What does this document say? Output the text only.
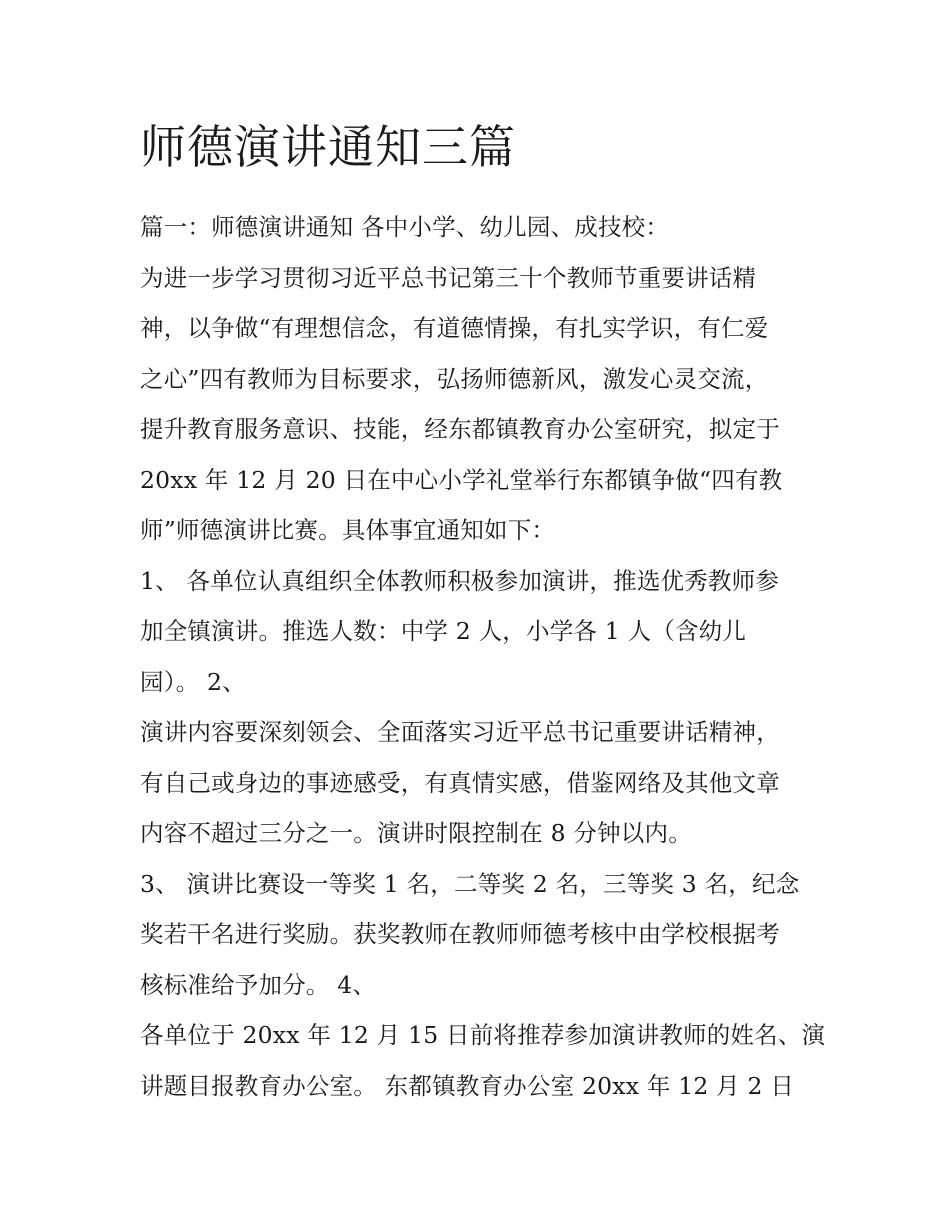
师德演讲通知三篇
篇一：师德演讲通知 各中小学、幼儿园、成技校：
为进一步学习贯彻习近平总书记第三十个教师节重要讲话精
神，以争做“有理想信念，有道德情操，有扎实学识，有仁爱
之心”四有教师为目标要求，弘扬师德新风，激发心灵交流，
提升教育服务意识、技能，经东都镇教育办公室研究，拟定于
20xx 年 12 月 20 日在中心小学礼堂举行东都镇争做“四有教
师”师德演讲比赛。具体事宜通知如下：
1、 各单位认真组织全体教师积极参加演讲，推选优秀教师参
加全镇演讲。推选人数：中学 2 人，小学各 1 人（含幼儿
园）。 2、
演讲内容要深刻领会、全面落实习近平总书记重要讲话精神，
有自己或身边的事迹感受，有真情实感，借鉴网络及其他文章
内容不超过三分之一。演讲时限控制在 8 分钟以内。
3、 演讲比赛设一等奖 1 名，二等奖 2 名，三等奖 3 名，纪念
奖若干名进行奖励。获奖教师在教师师德考核中由学校根据考
核标准给予加分。 4、
各单位于 20xx 年 12 月 15 日前将推荐参加演讲教师的姓名、演
讲题目报教育办公室。 东都镇教育办公室 20xx 年 12 月 2 日
